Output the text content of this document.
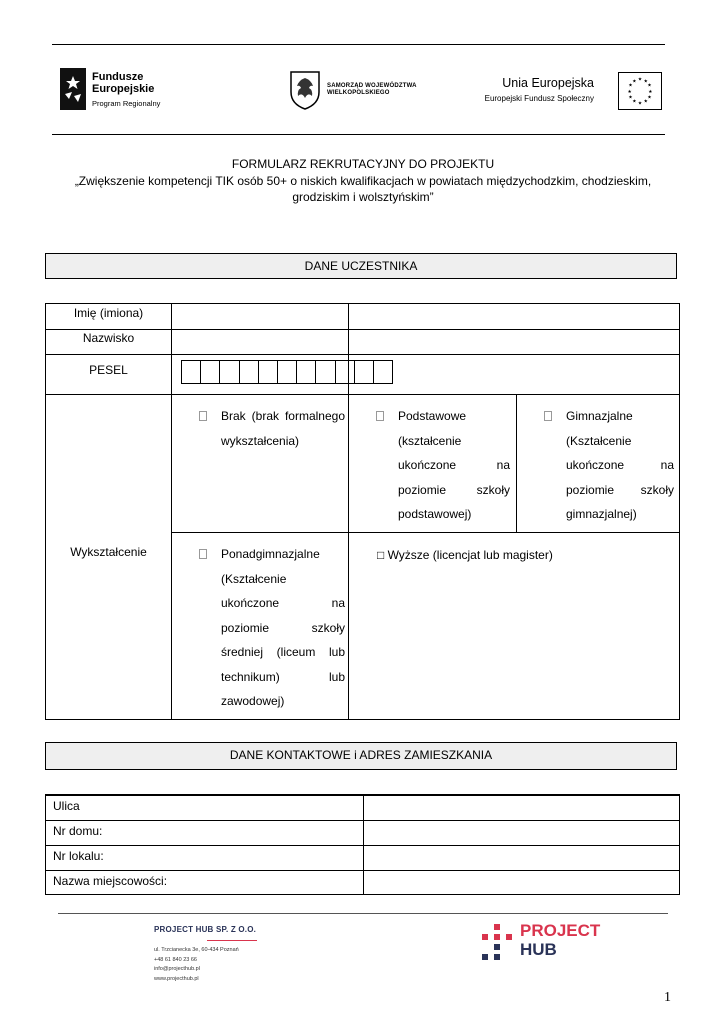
Fundusze
Europejskie
Program Regionalny
SAMORZĄD WOJEWÓDZTWA
WIELKOPOLSKIEGO
Unia Europejska
Europejski Fundusz Społeczny
★ ★
★
★
★
★
★
★
★
★
★
★
FORMULARZ REKRUTACYJNY DO PROJEKTU
„Zwiększenie kompetencji TIK osób 50+ o niskich kwalifikacjach w powiatach międzychodzkim, chodzieskim,
grodziskim i wolsztyńskim”
DANE UCZESTNIKA
Imię (imiona)
Nazwisko
PESEL
Wykształcenie
Brak (brak formalnego wykształcenia)
Podstawowe (kształcenie ukończone na poziomie szkoły podstawowej)
Gimnazjalne (Kształcenie ukończone na poziomie szkoły gimnazjalnej)
Ponadgimnazjalne (Kształcenie ukończone na poziomie szkoły średniej (liceum lub technikum) lub zawodowej)
□ Wyższe (licencjat lub magister)
DANE KONTAKTOWE i ADRES ZAMIESZKANIA
Ulica
Nr domu:
Nr lokalu:
Nazwa miejscowości:
PROJECT HUB SP. Z O.O.
ul. Trzcianecka 3e, 60-434 Poznań
+48 61 840 23 66
info@projecthub.pl
www.projecthub.pl
PROJECT
HUB
1
